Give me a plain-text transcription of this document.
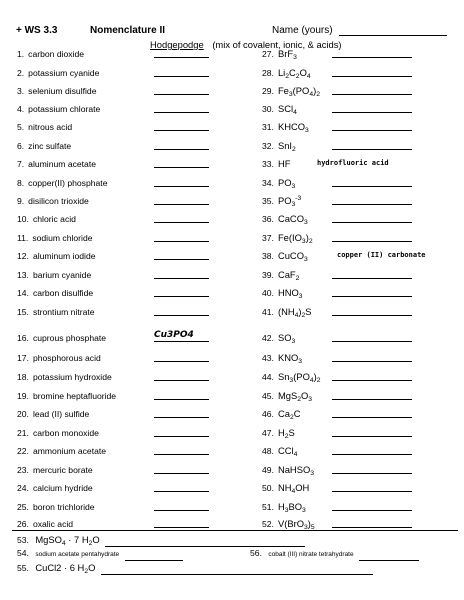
+ WS 3.3	Nomenclature II	Name (yours)
Hodgepodge (mix of covalent, ionic, & acids)
1. carbon dioxide
2. potassium cyanide
3. selenium disulfide
4. potassium chlorate
5. nitrous acid
6. zinc sulfate
7. aluminum acetate
8. copper(II) phosphate
9. disilicon trioxide
10. chloric acid
11. sodium chloride
12. aluminum iodide
13. barium cyanide
14. carbon disulfide
15. strontium nitrate
16. cuprous phosphate	Cu3PO4
17. phosphorous acid
18. potassium hydroxide
19. bromine heptafluoride
20. lead (II) sulfide
21. carbon monoxide
22. ammonium acetate
23. mercuric borate
24. calcium hydride
25. boron trichloride
26. oxalic acid
27. BrF$_3$
28. $Li_2C_2O_4$
29. $Fe_3(PO_4)_2$
30. SCl$_4$
31. $KHCO_3$
32. SnI$_2$
33. HF	hydrofluoric acid
34. $PO_3$
35. $PO_3^{-3}$
36. CaCO$_3$
37. $Fe(IO_3)_2$
38. CuCO$_3$
copper (II) carbonate
39. CaF$_2$
40. $HNO_3$
41. $(NH_4)_2S$
42. $SO_3$
43. $KNO_3$
44. $Sn_3(PO_4)_2$
45. $MgS_2O_3$
46. $Ca_2C$
47. $H_2S$
48. CCl$_4$
49. NaHSO$_3$
50. $NH_4OH$
51. $H_3BO_3$
52. $V(BrO_3)_5$
53. MgSO$_4$ · 7 $H_2O$
54. sodium acetate pentahydrate	56. cobalt (III) nitrate tetrahydrate
55. CuCl2 · 6 $H_2O$
